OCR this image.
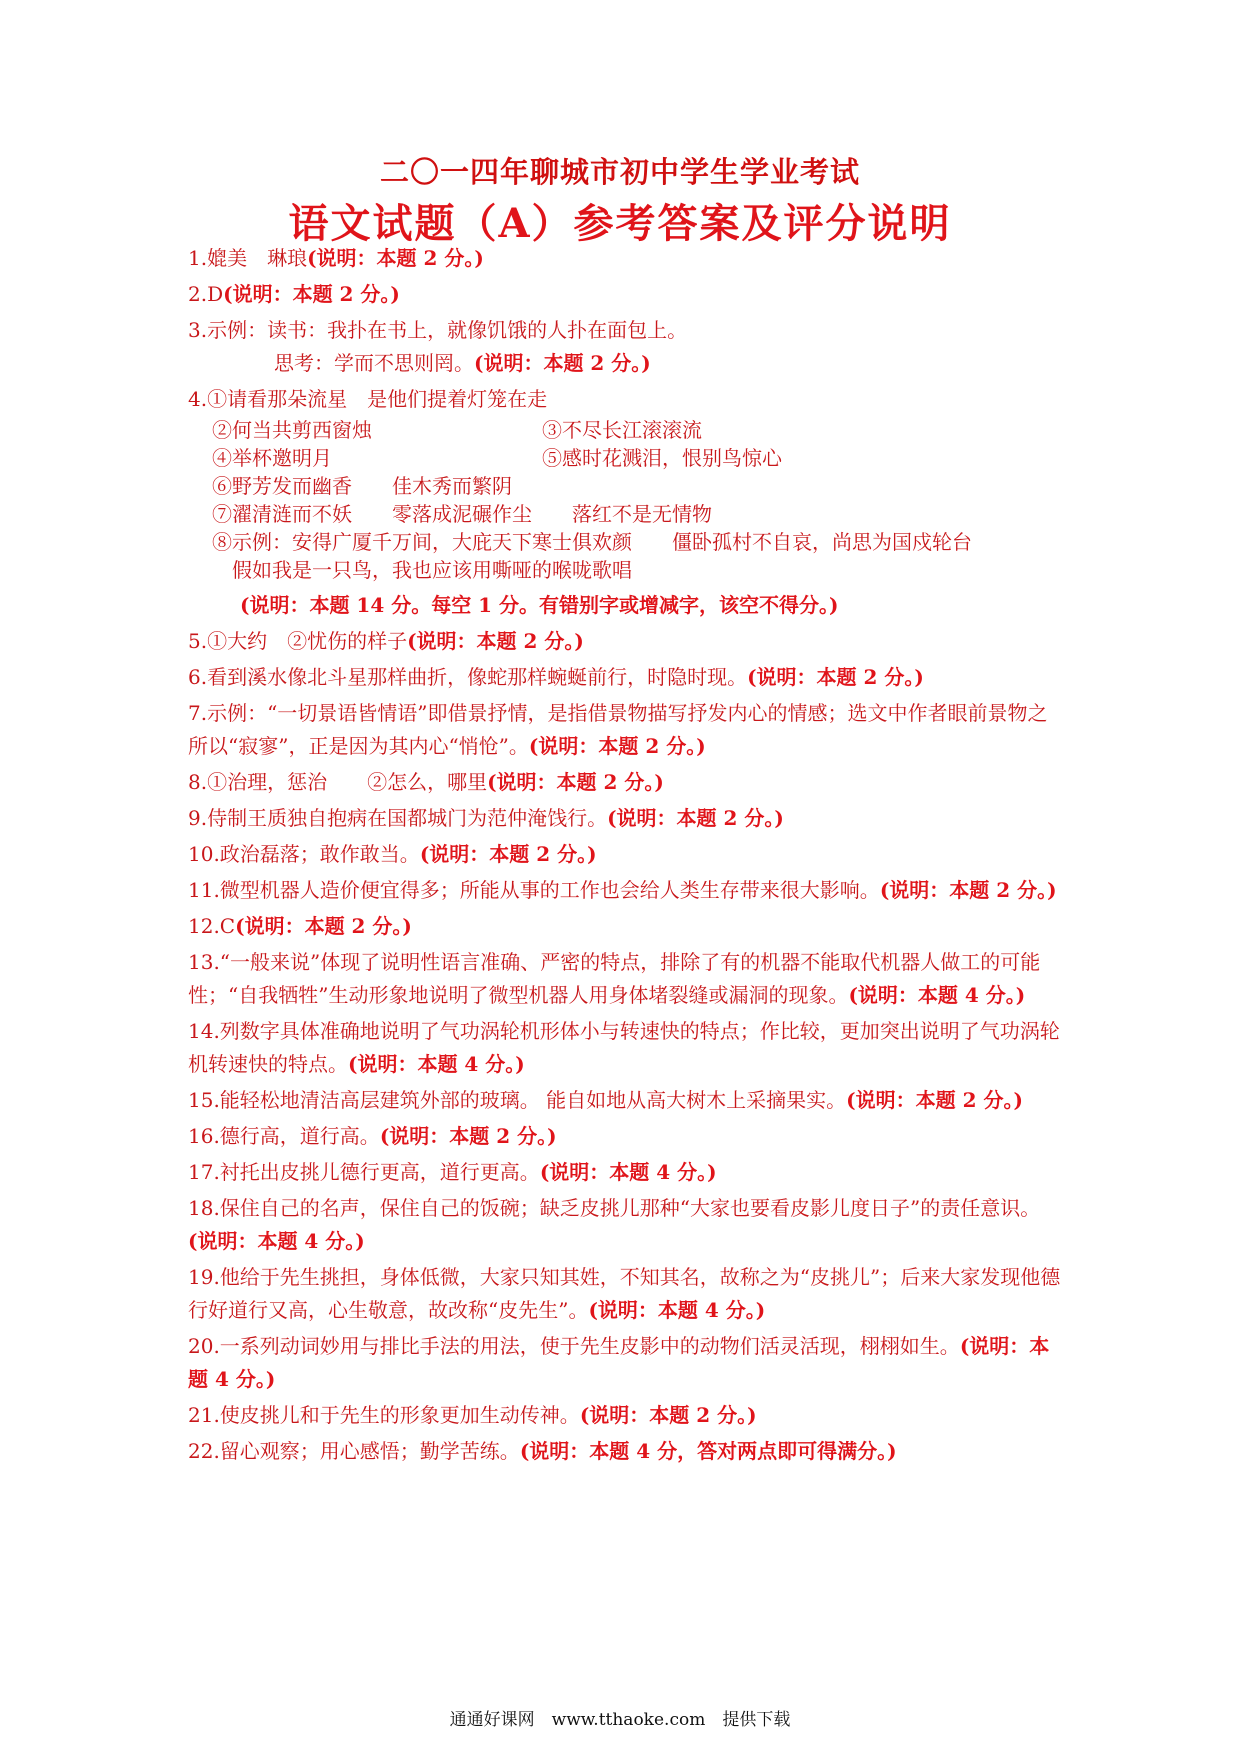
二〇一四年聊城市初中学生学业考试
语文试题（A）参考答案及评分说明
1.媲美　琳琅(说明：本题 2 分。)
2.D(说明：本题 2 分。)
3.示例：读书：我扑在书上，就像饥饿的人扑在面包上。
思考：学而不思则罔。(说明：本题 2 分。)
4.①请看那朵流星　是他们提着灯笼在走
②何当共剪西窗烛	③不尽长江滚滚流
④举杯邀明月	⑤感时花溅泪，恨别鸟惊心
⑥野芳发而幽香　　佳木秀而繁阴
⑦濯清涟而不妖　　零落成泥碾作尘　　落红不是无情物
⑧示例：安得广厦千万间，大庇天下寒士俱欢颜　　僵卧孤村不自哀，尚思为国戍轮台
假如我是一只鸟，我也应该用嘶哑的喉咙歌唱
(说明：本题 14 分。每空 1 分。有错别字或增减字，该空不得分。)
5.①大约　②忧伤的样子(说明：本题 2 分。)
6.看到溪水像北斗星那样曲折，像蛇那样蜿蜒前行，时隐时现。(说明：本题 2 分。)
7.示例：“一切景语皆情语”即借景抒情，是指借景物描写抒发内心的情感；选文中作者眼前景物之所以“寂寥”，正是因为其内心“悄怆”。(说明：本题 2 分。)
8.①治理，惩治　　②怎么，哪里(说明：本题 2 分。)
9.侍制王质独自抱病在国都城门为范仲淹饯行。(说明：本题 2 分。)
10.政治磊落；敢作敢当。(说明：本题 2 分。)
11.微型机器人造价便宜得多；所能从事的工作也会给人类生存带来很大影响。(说明：本题 2 分。)
12.C(说明：本题 2 分。)
13.“一般来说”体现了说明性语言准确、严密的特点，排除了有的机器不能取代机器人做工的可能性；“自我牺牲”生动形象地说明了微型机器人用身体堵裂缝或漏洞的现象。(说明：本题 4 分。)
14.列数字具体准确地说明了气功涡轮机形体小与转速快的特点；作比较，更加突出说明了气功涡轮机转速快的特点。(说明：本题 4 分。)
15.能轻松地清洁高层建筑外部的玻璃。 能自如地从高大树木上采摘果实。(说明：本题 2 分。)
16.德行高，道行高。(说明：本题 2 分。)
17.衬托出皮挑儿德行更高，道行更高。(说明：本题 4 分。)
18.保住自己的名声，保住自己的饭碗；缺乏皮挑儿那种“大家也要看皮影儿度日子”的责任意识。(说明：本题 4 分。)
19.他给于先生挑担，身体低微，大家只知其姓，不知其名，故称之为“皮挑儿”；后来大家发现他德行好道行又高，心生敬意，故改称“皮先生”。(说明：本题 4 分。)
20.一系列动词妙用与排比手法的用法，使于先生皮影中的动物们活灵活现，栩栩如生。(说明：本题 4 分。)
21.使皮挑儿和于先生的形象更加生动传神。(说明：本题 2 分。)
22.留心观察；用心感悟；勤学苦练。(说明：本题 4 分，答对两点即可得满分。)
通通好课网　www.tthaoke.com　提供下载
